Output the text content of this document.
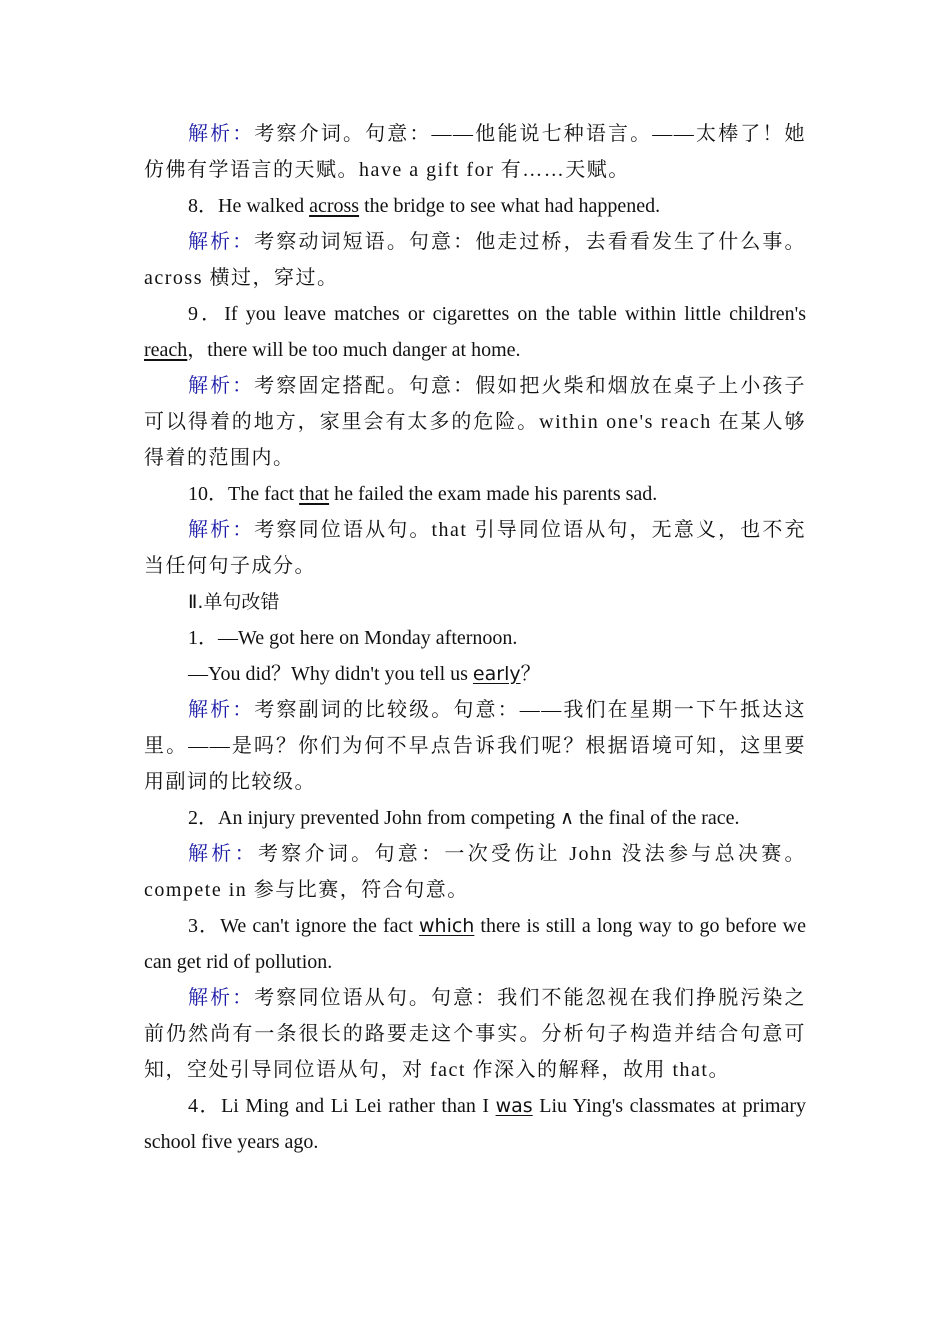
解析：考察介词。句意：——他能说七种语言。——太棒了！她仿佛有学语言的天赋。have a gift for 有……天赋。

8．He walked across the bridge to see what had happened.

解析：考察动词短语。句意：他走过桥，去看看发生了什么事。across 横过，穿过。

9．If you leave matches or cigarettes on the table within little children's reach，there will be too much danger at home.

解析：考察固定搭配。句意：假如把火柴和烟放在桌子上小孩子可以得着的地方，家里会有太多的危险。within one's reach 在某人够得着的范围内。

10．The fact that he failed the exam made his parents sad.

解析：考察同位语从句。that 引导同位语从句，无意义，也不充当任何句子成分。

Ⅱ.单句改错

1．—We got here on Monday afternoon.

—You did？Why didn't you tell us early？

解析：考察副词的比较级。句意：——我们在星期一下午抵达这里。——是吗？你们为何不早点告诉我们呢？根据语境可知，这里要用副词的比较级。

2．An injury prevented John from competing ∧ the final of the race.

解析：考察介词。句意：一次受伤让 John 没法参与总决赛。compete in 参与比赛，符合句意。

3．We can't ignore the fact which there is still a long way to go before we can get rid of pollution.

解析：考察同位语从句。句意：我们不能忽视在我们挣脱污染之前仍然尚有一条很长的路要走这个事实。分析句子构造并结合句意可知，空处引导同位语从句，对 fact 作深入的解释，故用 that。

4．Li Ming and Li Lei rather than I was Liu Ying's classmates at primary school five years ago.
